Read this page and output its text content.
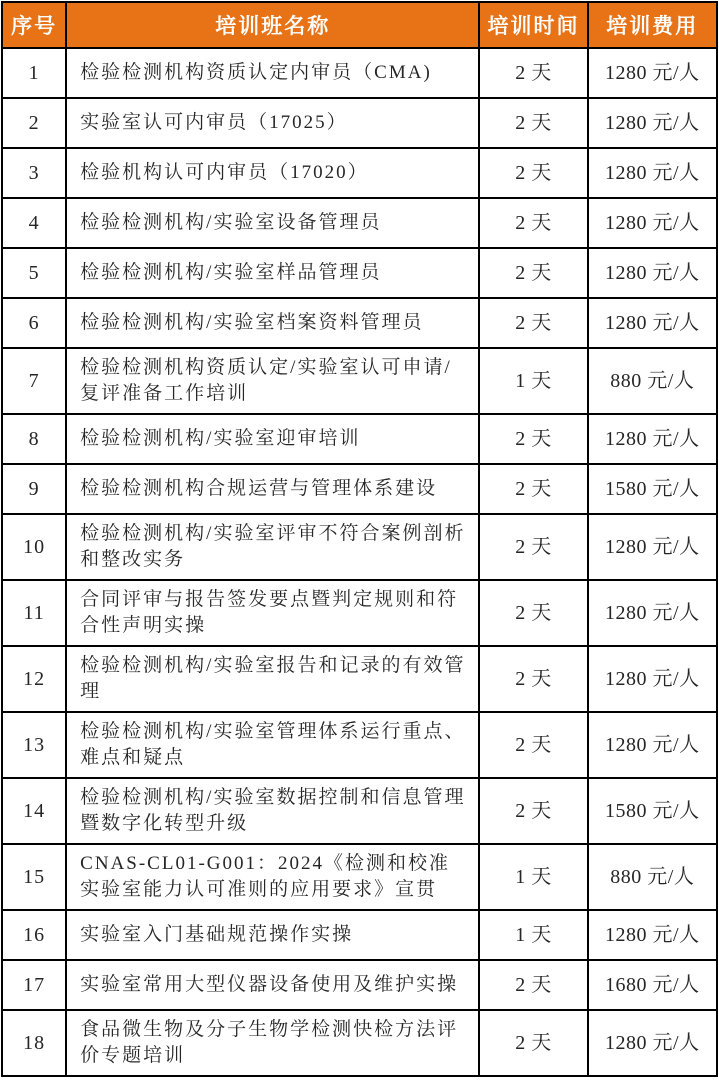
序号	培训班名称	培训时间	培训费用
1	检验检测机构资质认定内审员（CMA)	2 天	1280 元/人
2	实验室认可内审员（17025）	2 天	1280 元/人
3	检验机构认可内审员（17020）	2 天	1280 元/人
4	检验检测机构/实验室设备管理员	2 天	1280 元/人
5	检验检测机构/实验室样品管理员	2 天	1280 元/人
6	检验检测机构/实验室档案资料管理员	2 天	1280 元/人
7	检验检测机构资质认定/实验室认可申请/复评准备工作培训	1 天	880 元/人
8	检验检测机构/实验室迎审培训	2 天	1280 元/人
9	检验检测机构合规运营与管理体系建设	2 天	1580 元/人
10	检验检测机构/实验室评审不符合案例剖析和整改实务	2 天	1280 元/人
11	合同评审与报告签发要点暨判定规则和符合性声明实操	2 天	1280 元/人
12	检验检测机构/实验室报告和记录的有效管理	2 天	1280 元/人
13	检验检测机构/实验室管理体系运行重点、难点和疑点	2 天	1280 元/人
14	检验检测机构/实验室数据控制和信息管理暨数字化转型升级	2 天	1580 元/人
15	CNAS-CL01-G001：2024《检测和校准实验室能力认可准则的应用要求》宣贯	1 天	880 元/人
16	实验室入门基础规范操作实操	1 天	1280 元/人
17	实验室常用大型仪器设备使用及维护实操	2 天	1680 元/人
18	食品微生物及分子生物学检测快检方法评价专题培训	2 天	1280 元/人
